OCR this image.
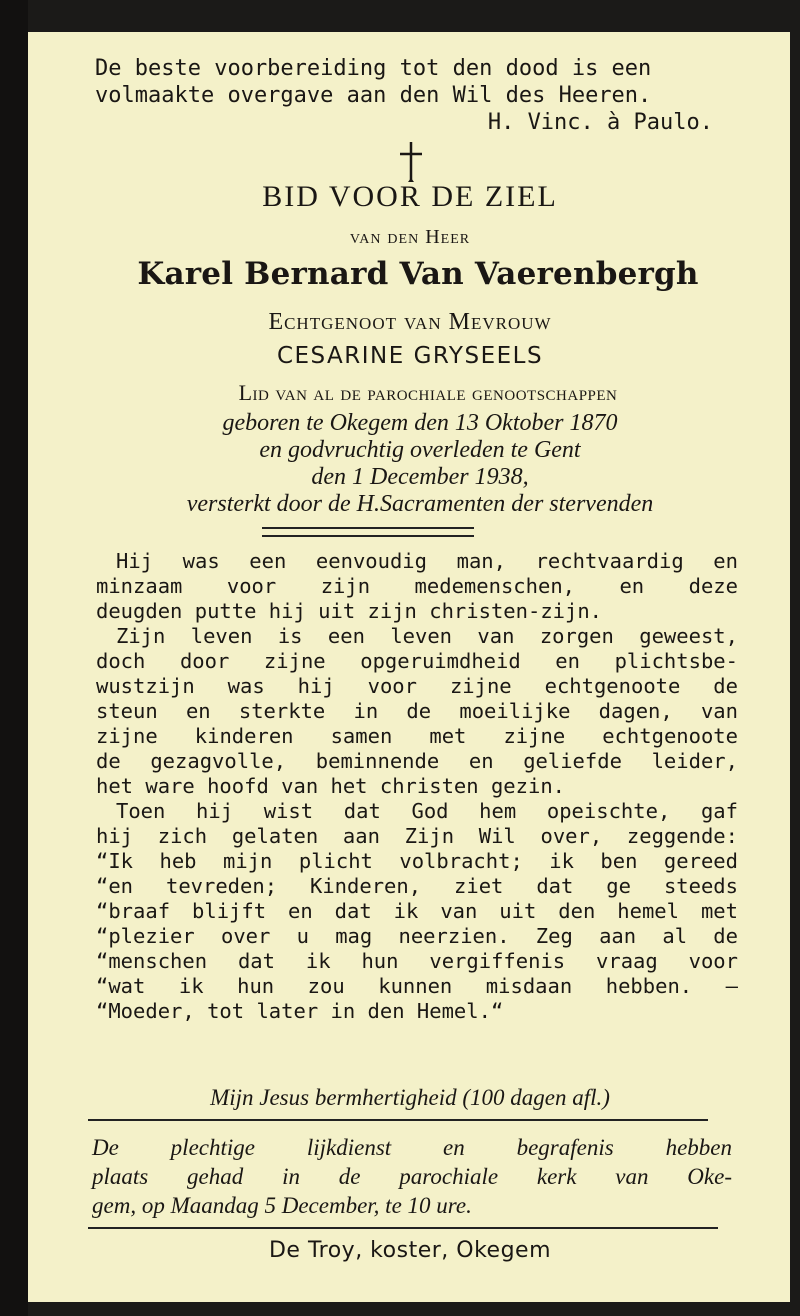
De beste voorbereiding tot den dood is een
volmaakte overgave aan den Wil des Heeren.
H. Vinc. à Paulo.
BID VOOR DE ZIEL
van den Heer
Karel Bernard Van Vaerenbergh
Echtgenoot van Mevrouw
CESARINE GRYSEELS
Lid van al de parochiale genootschappen
geboren te Okegem den 13 Oktober 1870
en godvruchtig overleden te Gent
den 1 December 1938,
versterkt door de H.Sacramenten der stervenden
Hij was een eenvoudig man, rechtvaardig en
minzaam voor zijn medemenschen, en deze
deugden putte hij uit zijn christen-zijn.
Zijn leven is een leven van zorgen geweest,
doch door zijne opgeruimdheid en plichtsbe-
wustzijn was hij voor zijne echtgenoote de
steun en sterkte in de moeilijke dagen, van
zijne kinderen samen met zijne echtgenoote
de gezagvolle, beminnende en geliefde leider,
het ware hoofd van het christen gezin.
Toen hij wist dat God hem opeischte, gaf
hij zich gelaten aan Zijn Wil over, zeggende:
“Ik heb mijn plicht volbracht; ik ben gereed
“en tevreden; Kinderen, ziet dat ge steeds
“braaf blijft en dat ik van uit den hemel met
“plezier over u mag neerzien. Zeg aan al de
“menschen dat ik hun vergiffenis vraag voor
“wat ik hun zou kunnen misdaan hebben. —
“Moeder, tot later in den Hemel.“
Mijn Jesus bermhertigheid (100 dagen afl.)
De plechtige lijkdienst en begrafenis hebben
plaats gehad in de parochiale kerk van Oke-
gem, op Maandag 5 December, te 10 ure.
De Troy, koster, Okegem
